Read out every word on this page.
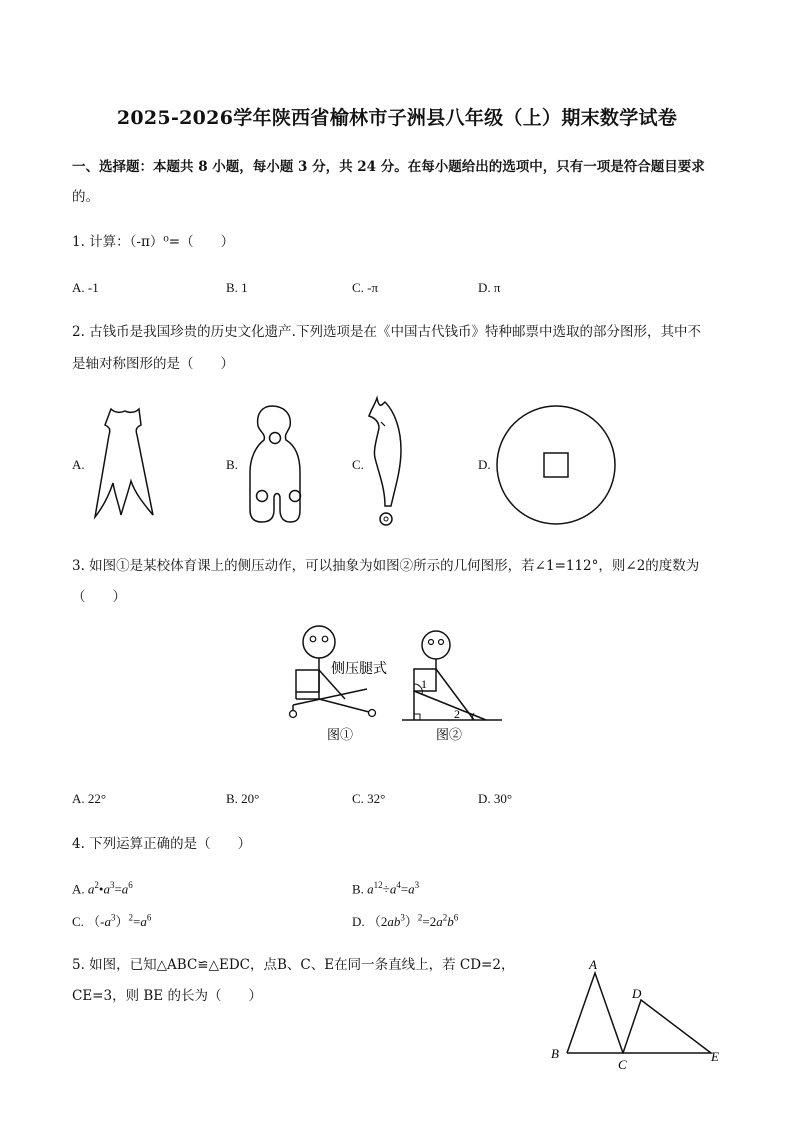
2025-2026学年陕西省榆林市子洲县八年级（上）期末数学试卷
一、选择题：本题共 8 小题，每小题 3 分，共 24 分。在每小题给出的选项中，只有一项是符合题目要求
的。
1. 计算：（-π）⁰=（　　）
A. -1	B. 1	C. -π	D. π
2. 古钱币是我国珍贵的历史文化遗产.下列选项是在《中国古代钱币》特种邮票中选取的部分图形，其中不
是轴对称图形的是（　　）
A.	B.	C.	D.
3. 如图①是某校体育课上的侧压动作，可以抽象为如图②所示的几何图形，若∠1=112°，则∠2的度数为
（　　）
侧压腿式
图①
1
2
图②
A. 22°	B. 20°	C. 32°	D. 30°
4. 下列运算正确的是（　　）
A. $a^2•a^3=a^6$	B. $a^{12}\div a^4=a^3$
C. $(-a^3)^2=a^6$	D. $(2ab^3)^2=2a^2b^6$
5. 如图，已知△ABC≌△EDC，点B、C、E在同一条直线上，若 CD=2，
CE=3，则 BE 的长为（　　）
A
B
C
D
E
